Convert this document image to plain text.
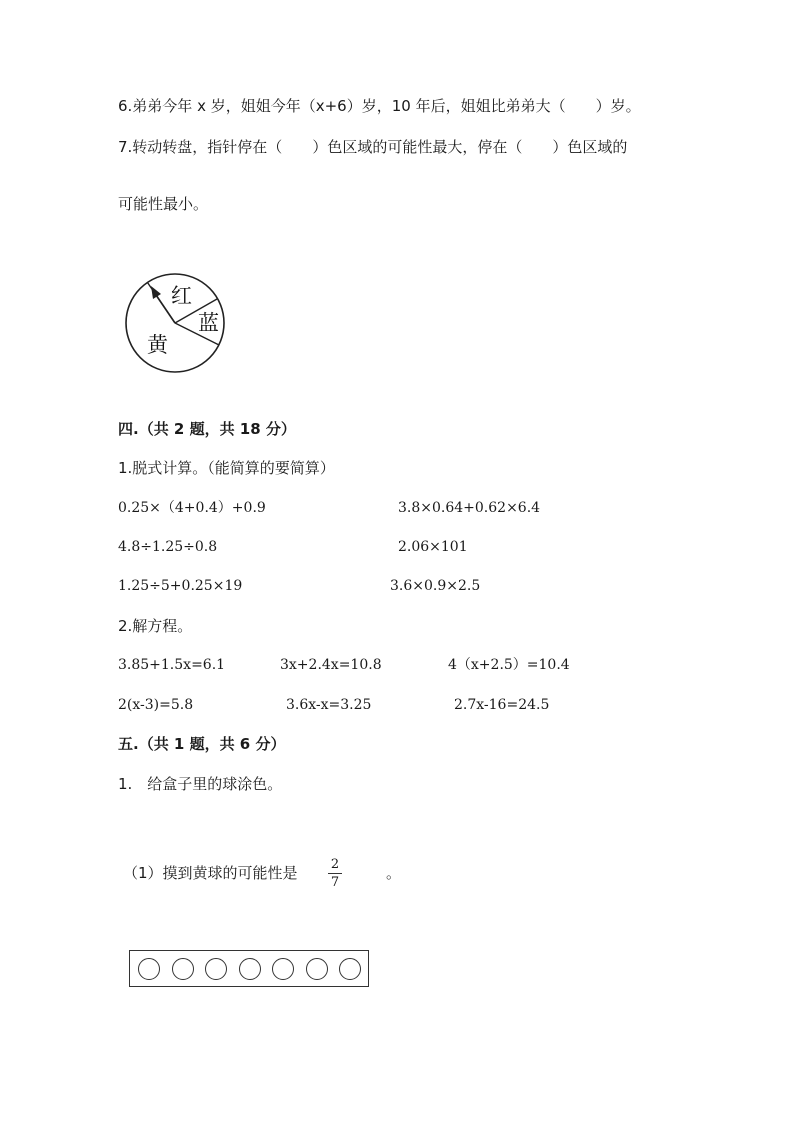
6.弟弟今年 x 岁，姐姐今年（x+6）岁，10 年后，姐姐比弟弟大（　　）岁。
7.转动转盘，指针停在（　　）色区域的可能性最大，停在（　　）色区域的
可能性最小。
红
蓝
黄
四.（共 2 题，共 18 分）
1.脱式计算。（能简算的要简算）
0.25×（4+0.4）+0.9	3.8×0.64+0.62×6.4
4.8÷1.25÷0.8	2.06×101
1.25÷5+0.25×19	3.6×0.9×2.5
2.解方程。
3.85+1.5x=6.1	3x+2.4x=10.8	4（x+2.5）=10.4
2(x-3)=5.8	3.6x-x=3.25	2.7x-16=24.5
五.（共 1 题，共 6 分）
1.　给盒子里的球涂色。
（1）摸到黄球的可能性是	2
7
。
